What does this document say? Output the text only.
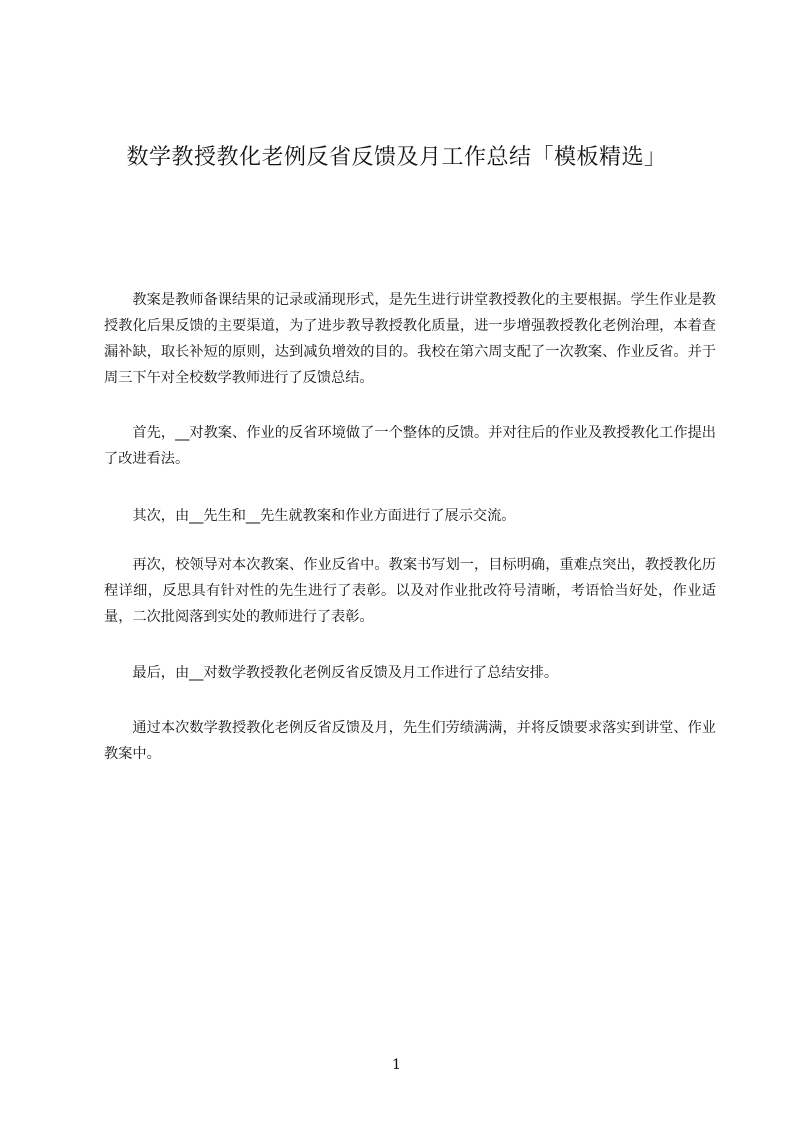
数学教授教化老例反省反馈及月工作总结「模板精选」

教案是教师备课结果的记录或涌现形式，是先生进行讲堂教授教化的主要根据。学生作业是教授教化后果反馈的主要渠道，为了进步教导教授教化质量，进一步增强教授教化老例治理，本着查漏补缺，取长补短的原则，达到减负增效的目的。我校在第六周支配了一次教案、作业反省。并于周三下午对全校数学教师进行了反馈总结。

首先，__对教案、作业的反省环境做了一个整体的反馈。并对往后的作业及教授教化工作提出了改进看法。

其次，由__先生和__先生就教案和作业方面进行了展示交流。

再次，校领导对本次教案、作业反省中。教案书写划一，目标明确，重难点突出，教授教化历程详细，反思具有针对性的先生进行了表彰。以及对作业批改符号清晰，考语恰当好处，作业适量，二次批阅落到实处的教师进行了表彰。

最后，由__对数学教授教化老例反省反馈及月工作进行了总结安排。

通过本次数学教授教化老例反省反馈及月，先生们劳绩满满，并将反馈要求落实到讲堂、作业教案中。

1
